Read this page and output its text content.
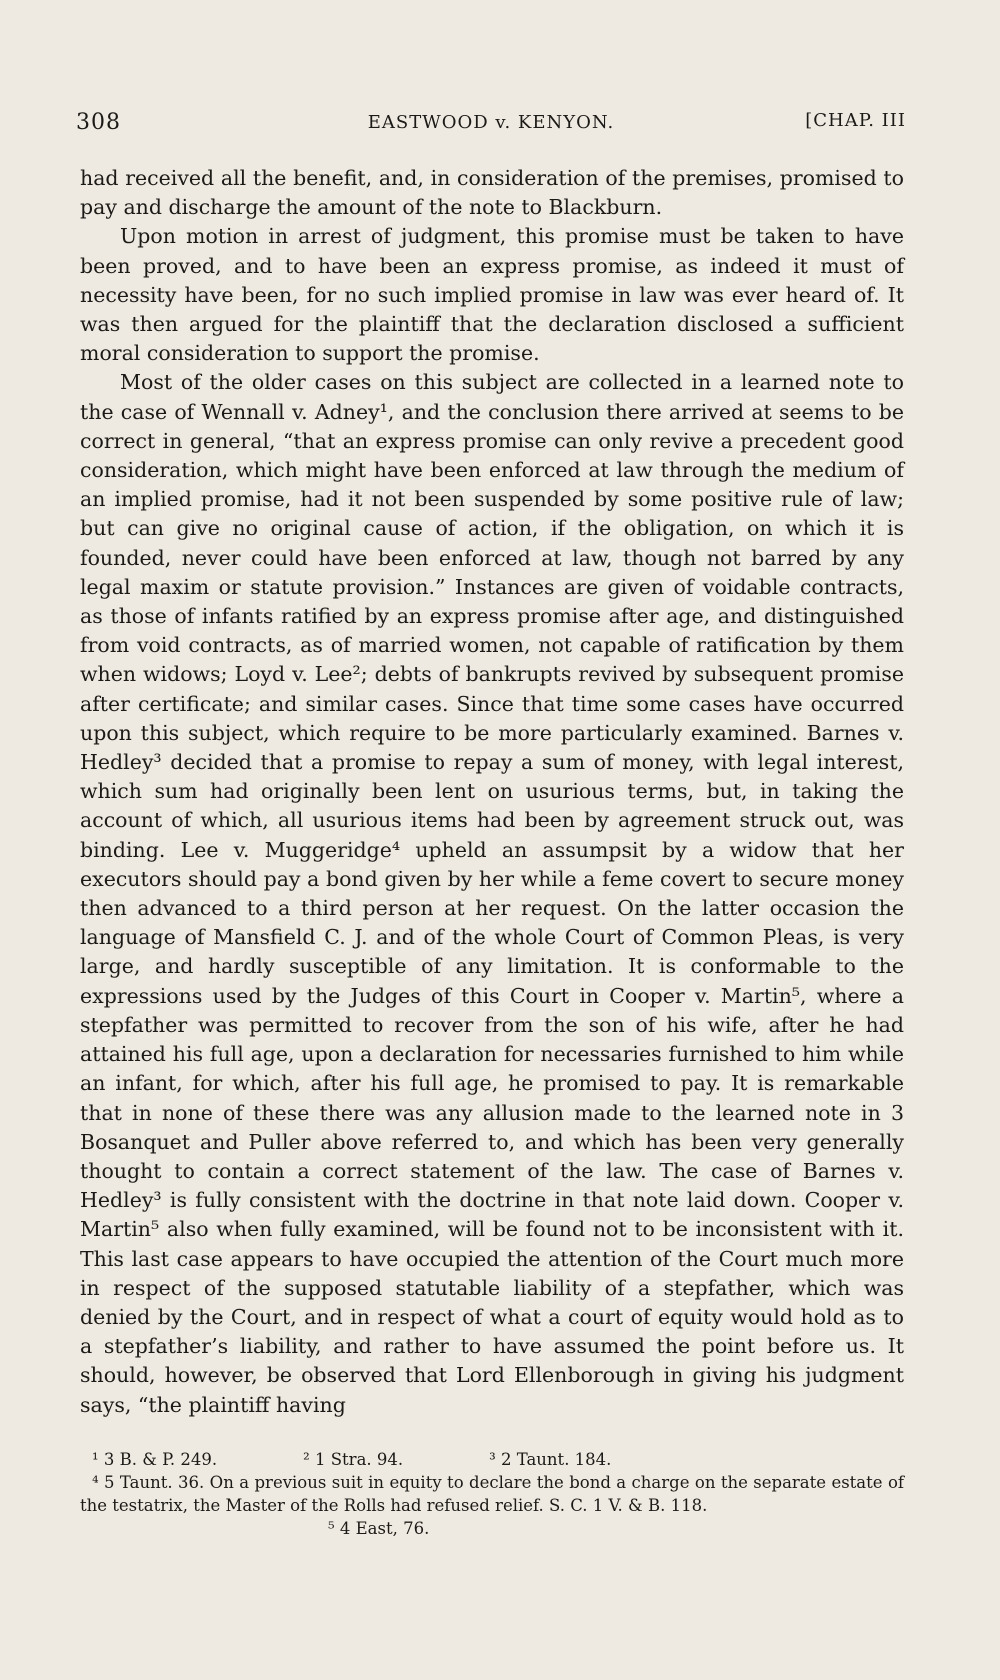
308	EASTWOOD v. KENYON.	[CHAP. III

had received all the benefit, and, in consideration of the premises, promised to pay and discharge the amount of the note to Blackburn.

Upon motion in arrest of judgment, this promise must be taken to have been proved, and to have been an express promise, as indeed it must of necessity have been, for no such implied promise in law was ever heard of. It was then argued for the plaintiff that the declaration disclosed a sufficient moral consideration to support the promise.

Most of the older cases on this subject are collected in a learned note to the case of Wennall v. Adney¹, and the conclusion there arrived at seems to be correct in general, “that an express promise can only revive a precedent good consideration, which might have been enforced at law through the medium of an implied promise, had it not been suspended by some positive rule of law; but can give no original cause of action, if the obligation, on which it is founded, never could have been enforced at law, though not barred by any legal maxim or statute provision.” Instances are given of voidable contracts, as those of infants ratified by an express promise after age, and distinguished from void contracts, as of married women, not capable of ratification by them when widows; Loyd v. Lee²; debts of bankrupts revived by subsequent promise after certificate; and similar cases. Since that time some cases have occurred upon this subject, which require to be more particularly examined. Barnes v. Hedley³ decided that a promise to repay a sum of money, with legal interest, which sum had originally been lent on usurious terms, but, in taking the account of which, all usurious items had been by agreement struck out, was binding. Lee v. Muggeridge⁴ upheld an assumpsit by a widow that her executors should pay a bond given by her while a feme covert to secure money then advanced to a third person at her request. On the latter occasion the language of Mansfield C. J. and of the whole Court of Common Pleas, is very large, and hardly susceptible of any limitation. It is conformable to the expressions used by the Judges of this Court in Cooper v. Martin⁵, where a stepfather was permitted to recover from the son of his wife, after he had attained his full age, upon a declaration for necessaries furnished to him while an infant, for which, after his full age, he promised to pay. It is remarkable that in none of these there was any allusion made to the learned note in 3 Bosanquet and Puller above referred to, and which has been very generally thought to contain a correct statement of the law. The case of Barnes v. Hedley³ is fully consistent with the doctrine in that note laid down. Cooper v. Martin⁵ also when fully examined, will be found not to be inconsistent with it. This last case appears to have occupied the attention of the Court much more in respect of the supposed statutable liability of a stepfather, which was denied by the Court, and in respect of what a court of equity would hold as to a stepfather’s liability, and rather to have assumed the point before us. It should, however, be observed that Lord Ellenborough in giving his judgment says, “the plaintiff having

¹ 3 B. & P. 249.	² 1 Stra. 94.	³ 2 Taunt. 184.

⁴ 5 Taunt. 36. On a previous suit in equity to declare the bond a charge on the separate estate of the testatrix, the Master of the Rolls had refused relief. S. C. 1 V. & B. 118.

⁵ 4 East, 76.
